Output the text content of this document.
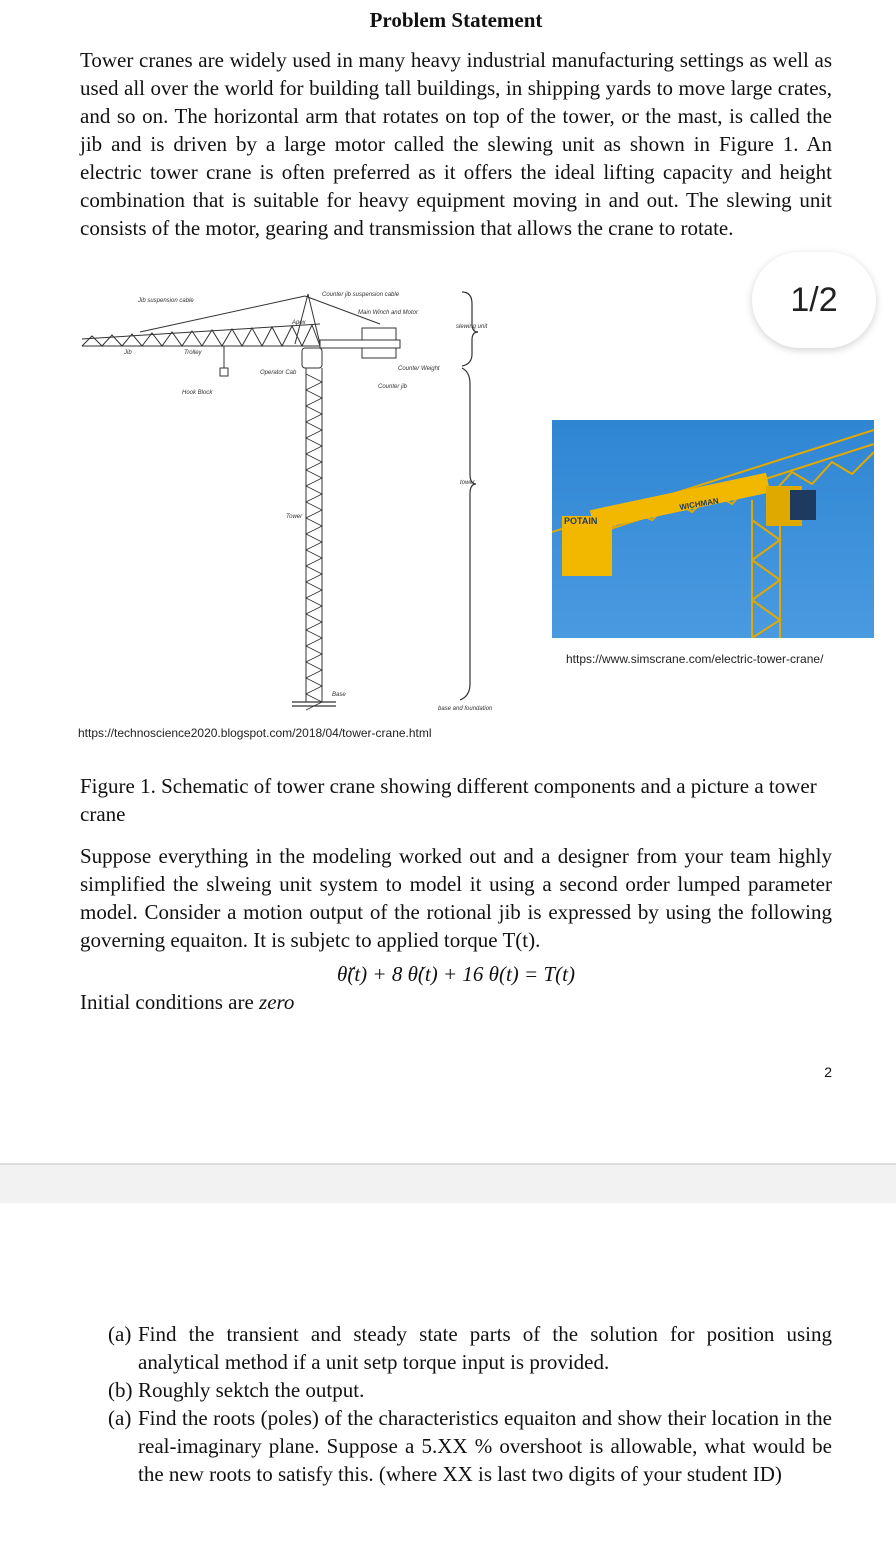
Problem Statement
Tower cranes are widely used in many heavy industrial manufacturing settings as well as used all over the world for building tall buildings, in shipping yards to move large crates, and so on. The horizontal arm that rotates on top of the tower, or the mast, is called the jib and is driven by a large motor called the slewing unit as shown in Figure 1. An electric tower crane is often preferred as it offers the ideal lifting capacity and height combination that is suitable for heavy equipment moving in and out. The slewing unit consists of the motor, gearing and transmission that allows the crane to rotate.
Jib suspension cable
Counter jib suspension cable
Main Winch and Motor
Apex
slewing unit
Jib	Trolley
Operator Cab
Counter Weight
Counter jib
Hook Block
tower
Tower
Base
base and foundation
https://technoscience2020.blogspot.com/2018/04/tower-crane.html
POTAIN
WICHMAN
https://www.simscrane.com/electric-tower-crane/
1/2
Figure 1. Schematic of tower crane showing different components and a picture a tower crane
Suppose everything in the modeling worked out and a designer from your team highly simplified the slweing unit system to model it using a second order lumped parameter model. Consider a motion output of the rotional jib is expressed by using the following governing equaiton. It is subjetc to applied torque T(t).
θ̈(t) + 8 θ̇(t) + 16 θ(t) = T(t)
Initial conditions are zero
2
(a) Find the transient and steady state parts of the solution for position using analytical method if a unit setp torque input is provided.
(b) Roughly sektch the output.
(a) Find the roots (poles) of the characteristics equaiton and show their location in the real-imaginary plane. Suppose a 5.XX % overshoot is allowable, what would be the new roots to satisfy this. (where XX is last two digits of your student ID)
